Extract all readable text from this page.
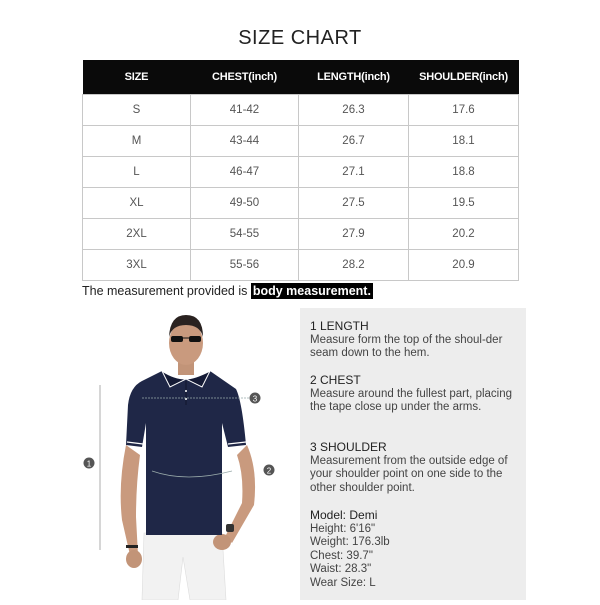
SIZE CHART
SIZE	CHEST(inch)	LENGTH(inch)	SHOULDER(inch)
S	41-42	26.3	17.6
M	43-44	26.7	18.1
L	46-47	27.1	18.8
XL	49-50	27.5	19.5
2XL	54-55	27.9	20.2
3XL	55-56	28.2	20.9
The measurement provided is body measurement.
1
3
2
1 LENGTH
Measure form the top of the shoul-der seam down to the hem.
2 CHEST
Measure around the fullest part, placing the tape close up under the arms.
3 SHOULDER
Measurement from the outside edge of your shoulder point on one side to the other shoulder point.
Model: Demi
Height: 6'16"
Weight: 176.3lb
Chest: 39.7"
Waist: 28.3"
Wear Size: L
